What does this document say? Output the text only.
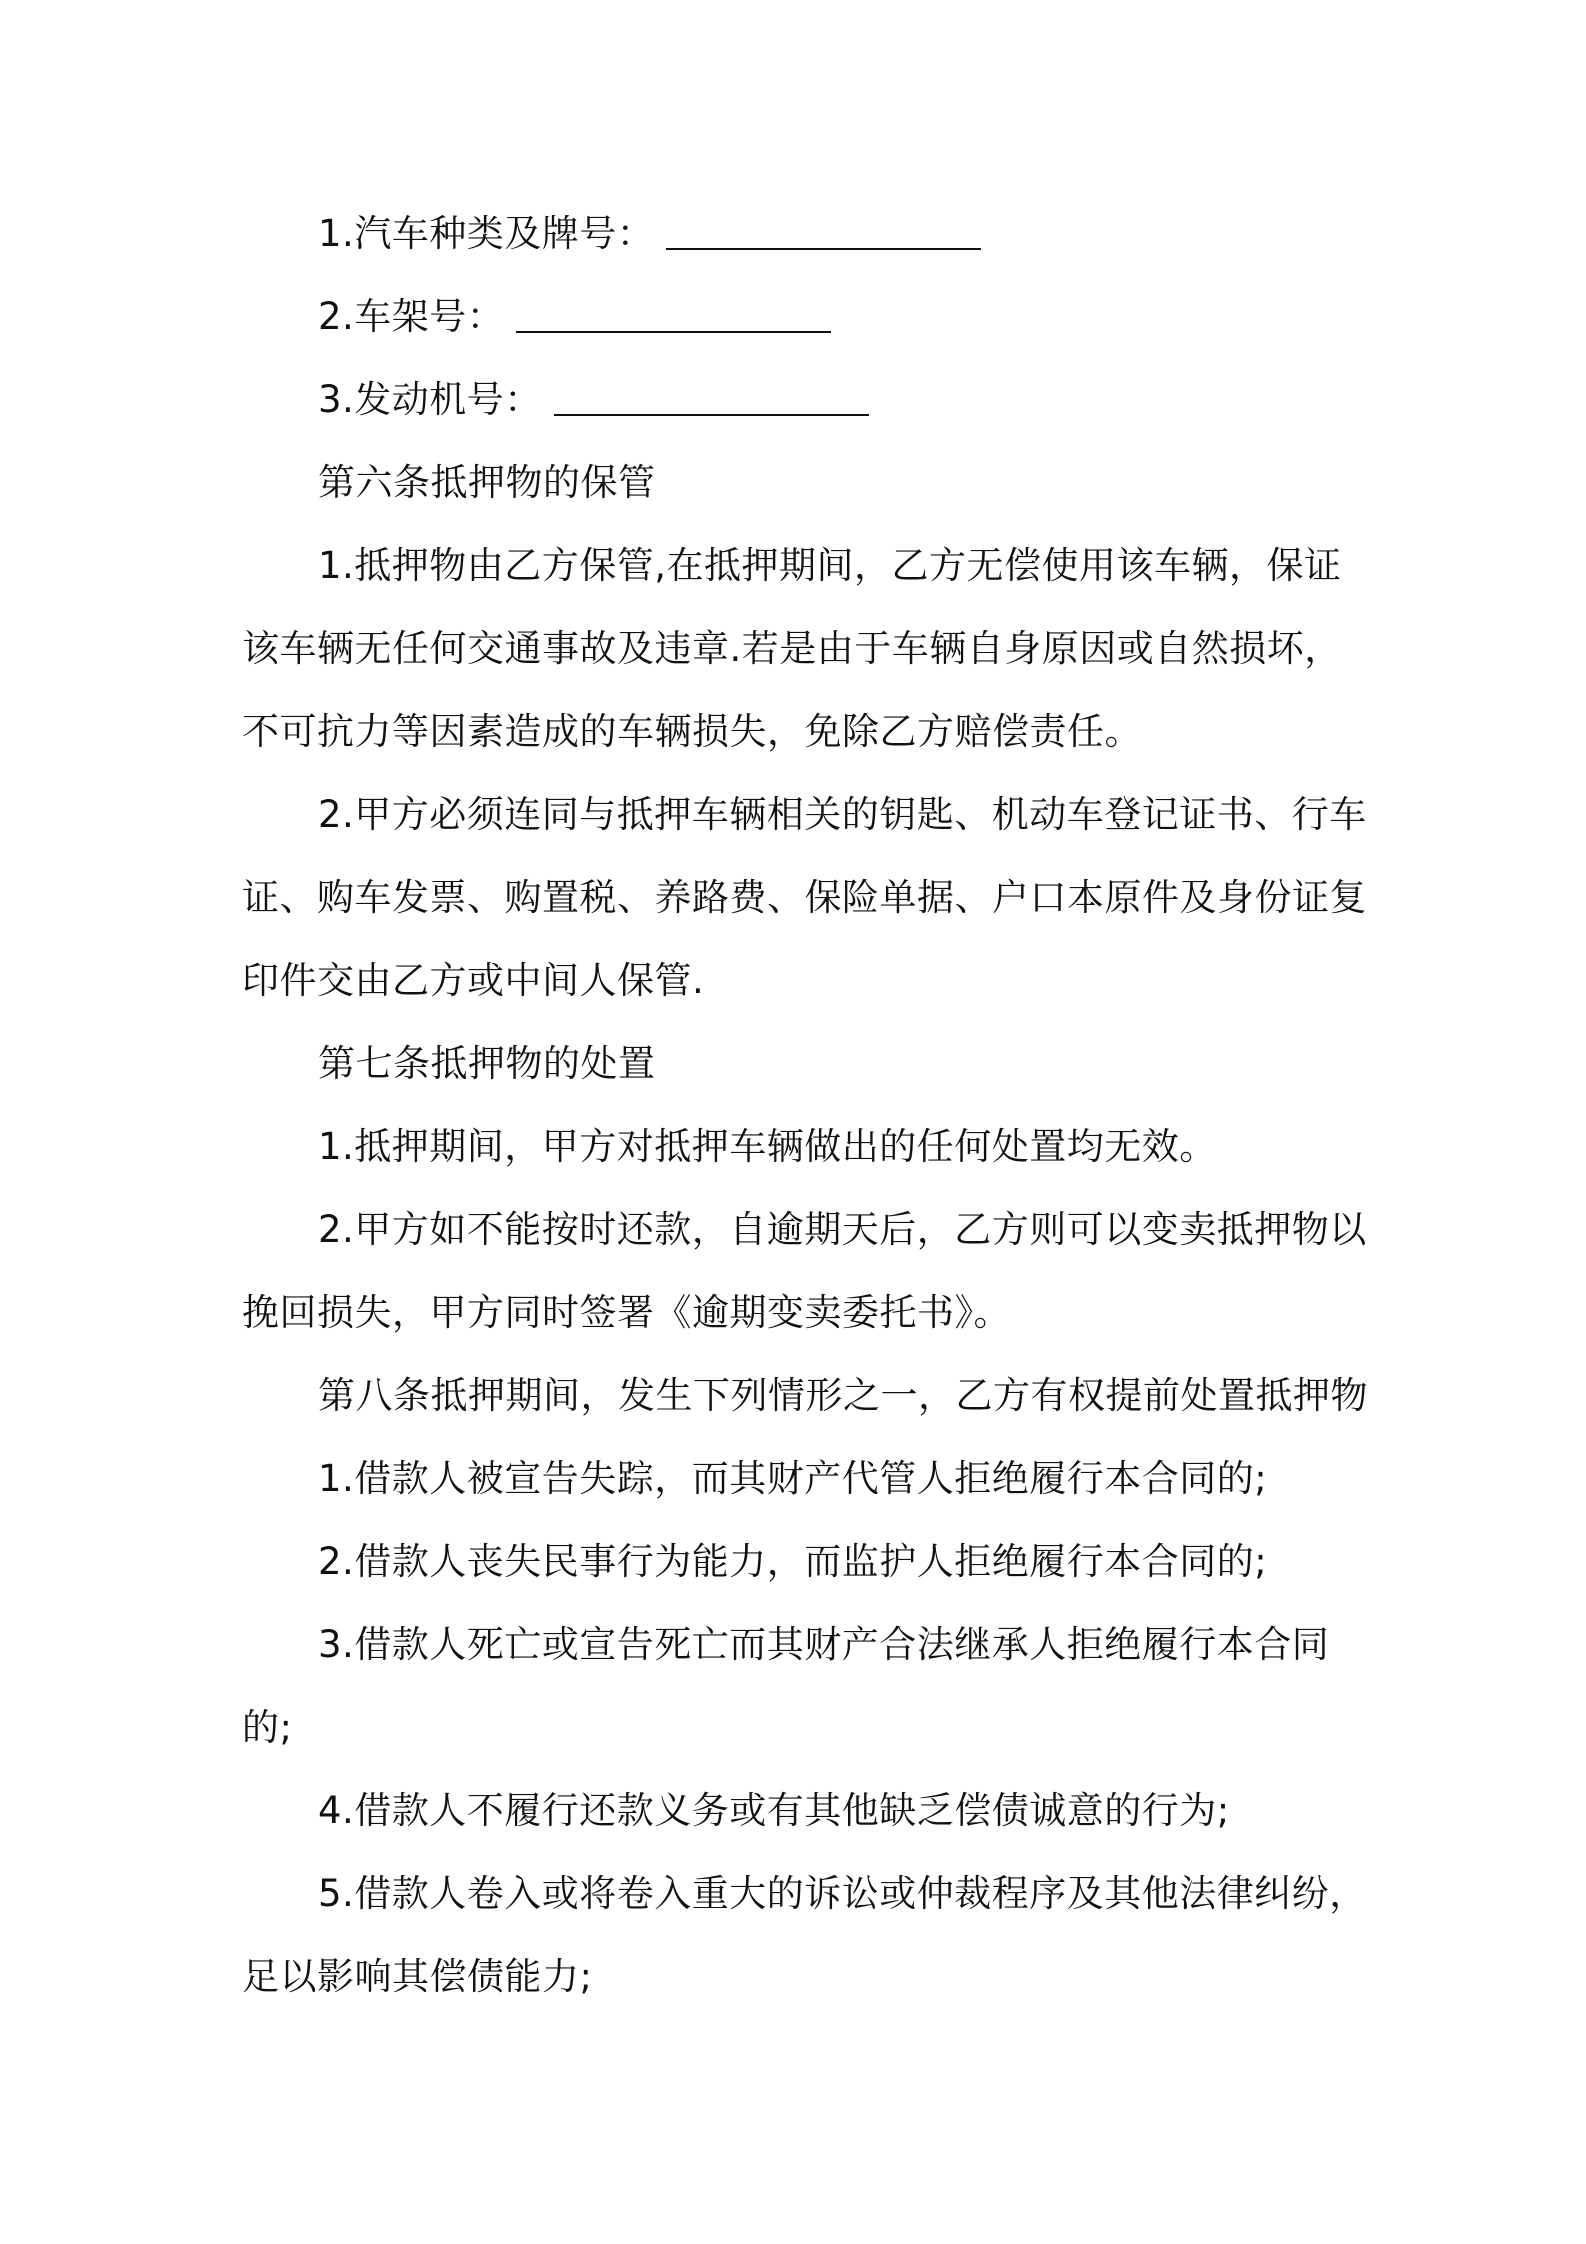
1.汽车种类及牌号：
2.车架号：
3.发动机号：
第六条抵押物的保管
1.抵押物由乙方保管,在抵押期间，乙方无偿使用该车辆，保证
该车辆无任何交通事故及违章.若是由于车辆自身原因或自然损坏，
不可抗力等因素造成的车辆损失，免除乙方赔偿责任。
2.甲方必须连同与抵押车辆相关的钥匙、机动车登记证书、行车
证、购车发票、购置税、养路费、保险单据、户口本原件及身份证复
印件交由乙方或中间人保管.
第七条抵押物的处置
1.抵押期间，甲方对抵押车辆做出的任何处置均无效。
2.甲方如不能按时还款，自逾期天后，乙方则可以变卖抵押物以
挽回损失，甲方同时签署《逾期变卖委托书》。
第八条抵押期间，发生下列情形之一，乙方有权提前处置抵押物
1.借款人被宣告失踪，而其财产代管人拒绝履行本合同的;
2.借款人丧失民事行为能力，而监护人拒绝履行本合同的;
3.借款人死亡或宣告死亡而其财产合法继承人拒绝履行本合同
的;
4.借款人不履行还款义务或有其他缺乏偿债诚意的行为;
5.借款人卷入或将卷入重大的诉讼或仲裁程序及其他法律纠纷，
足以影响其偿债能力;
